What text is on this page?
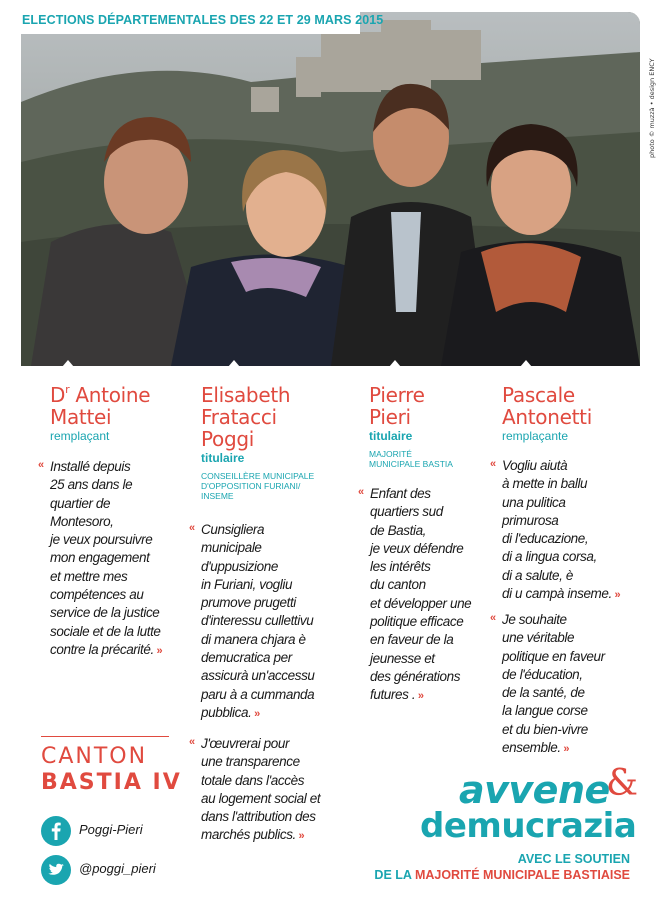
ELECTIONS DÉPARTEMENTALES DES 22 ET 29 MARS 2015
photo © muzzà • design ENCY
$D^r$ Antoine
Mattei
remplaçant
« Installé depuis
25 ans dans le
quartier de
Montesoro,
je veux poursuivre
mon engagement
et mettre mes
compétences au
service de la justice
sociale et de la lutte
contre la précarité. »
Elisabeth
Fratacci
Poggi
titulaire
CONSEILLÈRE MUNICIPALE
D'OPPOSITION FURIANI/
INSEME
« Cunsigliera
municipale
d'uppusizione
in Furiani, vogliu
prumove prugetti
d'interessu cullettivu
di manera chjara è
demucratica per
assicurà un'accessu
paru à a cummanda
pubblica. »
« J'œuvrerai pour
une transparence
totale dans l'accès
au logement social et
dans l'attribution des
marchés publics. »
Pierre
Pieri
titulaire
MAJORITÉ
MUNICIPALE BASTIA
« Enfant des
quartiers sud
de Bastia,
je veux défendre
les intérêts
du canton
et développer une
politique efficace
en faveur de la
jeunesse et
des générations
futures . »
Pascale
Antonetti
remplaçante
« Vogliu aiutà
à mette in ballu
una pulitica
primurosa
di l'educazione,
di a lingua corsa,
di a salute, è
di u campà inseme. »
« Je souhaite
une véritable
politique en faveur
de l'éducation,
de la santé, de
la langue corse
et du bien-vivre
ensemble. »
CANTON
BASTIA IV
Poggi-Pieri
@poggi_pieri
avvene
&
demucrazia
AVEC LE SOUTIEN
DE LA MAJORITÉ MUNICIPALE BASTIAISE
